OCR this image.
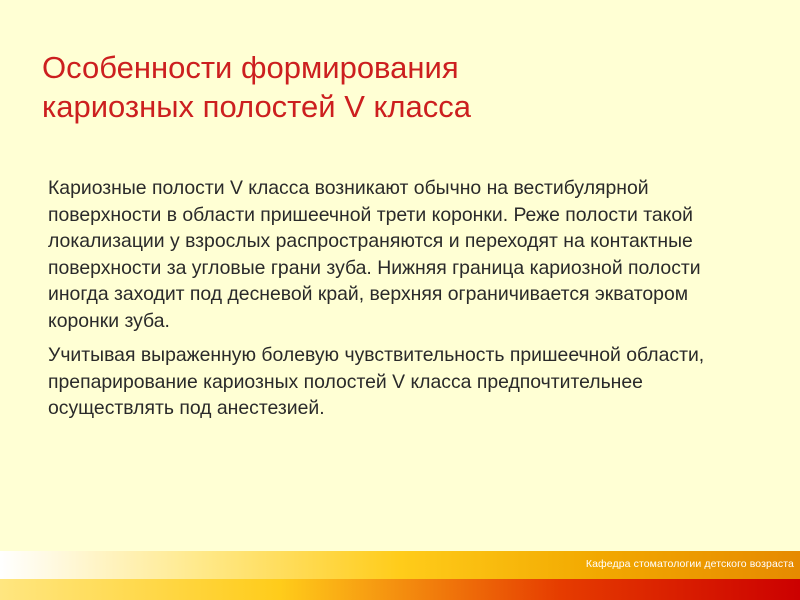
Особенности формирования
кариозных полостей V класса

Кариозные полости V класса возникают обычно на вестибулярной поверхности в области пришеечной трети коронки. Реже полости такой локализации у взрослых распространяются и переходят на контактные поверхности за угловые грани зуба. Нижняя граница кариозной полости иногда заходит под десневой край, верхняя ограничивается экватором коронки зуба.

Учитывая выраженную болевую чувствительность пришеечной области, препарирование кариозных полостей V класса предпочтительнее осуществлять под анестезией.

Кафедра стоматологии детского возраста
